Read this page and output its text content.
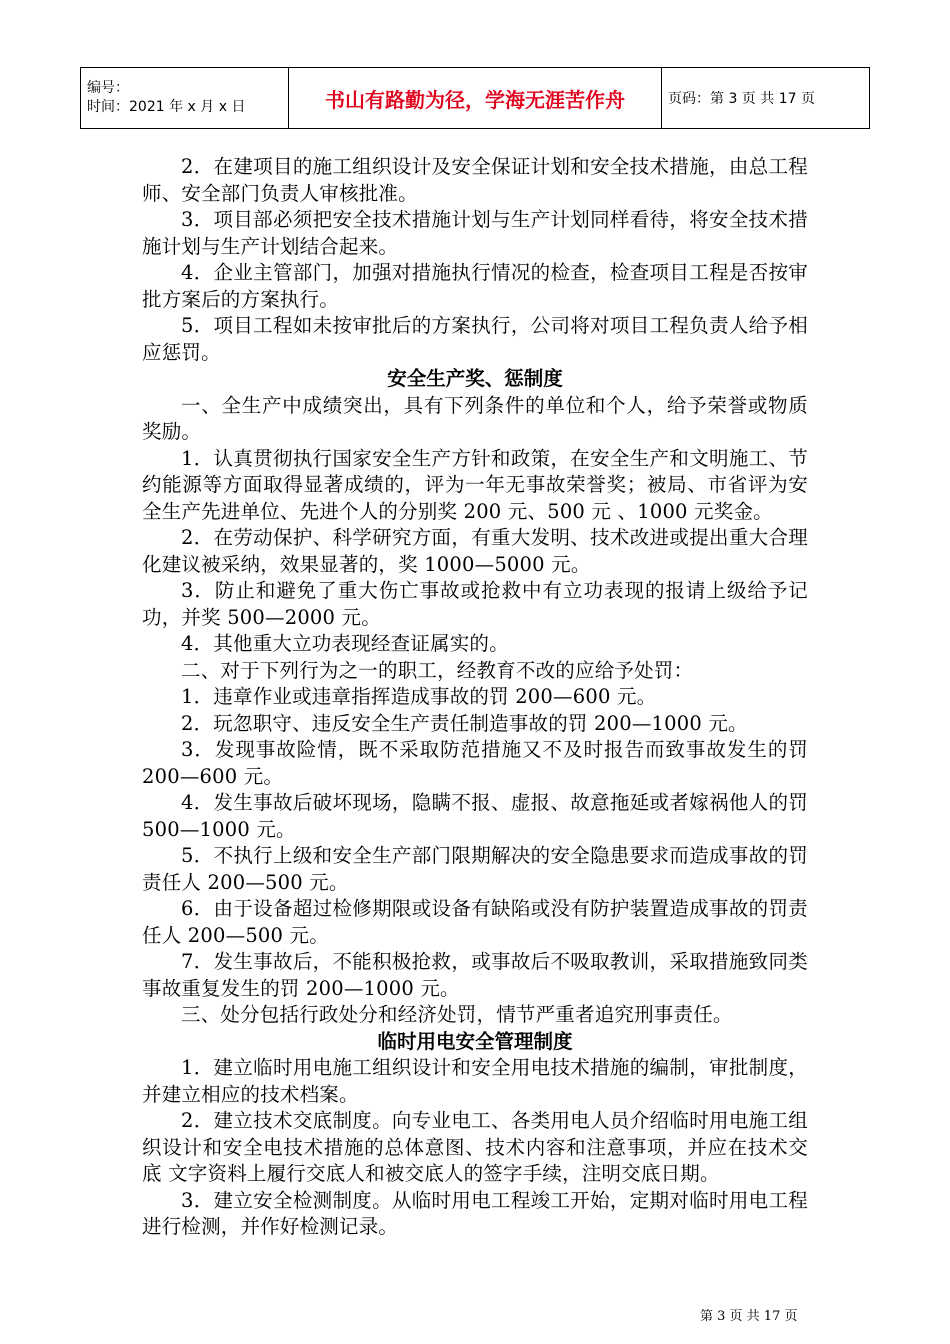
编号：
时间：2021 年 x 月 x 日	书山有路勤为径，学海无涯苦作舟	页码：第 3 页 共 17 页

2．在建项目的施工组织设计及安全保证计划和安全技术措施，由总工程师、安全部门负责人审核批准。

3．项目部必须把安全技术措施计划与生产计划同样看待，将安全技术措施计划与生产计划结合起来。

4．企业主管部门，加强对措施执行情况的检查，检查项目工程是否按审批方案后的方案执行。

5．项目工程如未按审批后的方案执行，公司将对项目工程负责人给予相应惩罚。

安全生产奖、惩制度

一、全生产中成绩突出，具有下列条件的单位和个人，给予荣誉或物质奖励。

1．认真贯彻执行国家安全生产方针和政策，在安全生产和文明施工、节约能源等方面取得显著成绩的，评为一年无事故荣誉奖；被局、市省评为安全生产先进单位、先进个人的分别奖 200 元、500 元 、1000 元奖金。

2．在劳动保护、科学研究方面，有重大发明、技术改进或提出重大合理化建议被采纳，效果显著的，奖 1000—5000 元。

3．防止和避免了重大伤亡事故或抢救中有立功表现的报请上级给予记功，并奖 500—2000 元。

4．其他重大立功表现经查证属实的。

二、对于下列行为之一的职工，经教育不改的应给予处罚：

1．违章作业或违章指挥造成事故的罚 200—600 元。

2．玩忽职守、违反安全生产责任制造事故的罚 200—1000 元。

3．发现事故险情，既不采取防范措施又不及时报告而致事故发生的罚 200—600 元。

4．发生事故后破坏现场，隐瞒不报、虚报、故意拖延或者嫁祸他人的罚 500—1000 元。

5．不执行上级和安全生产部门限期解决的安全隐患要求而造成事故的罚责任人 200—500 元。

6．由于设备超过检修期限或设备有缺陷或没有防护装置造成事故的罚责任人 200—500 元。

7．发生事故后，不能积极抢救，或事故后不吸取教训，采取措施致同类事故重复发生的罚 200—1000 元。

三、处分包括行政处分和经济处罚，情节严重者追究刑事责任。

临时用电安全管理制度

1．建立临时用电施工组织设计和安全用电技术措施的编制，审批制度，并建立相应的技术档案。

2．建立技术交底制度。向专业电工、各类用电人员介绍临时用电施工组织设计和安全电技术措施的总体意图、技术内容和注意事项，并应在技术交底 文字资料上履行交底人和被交底人的签字手续，注明交底日期。

3．建立安全检测制度。从临时用电工程竣工开始，定期对临时用电工程进行检测，并作好检测记录。

第 3 页 共 17 页
